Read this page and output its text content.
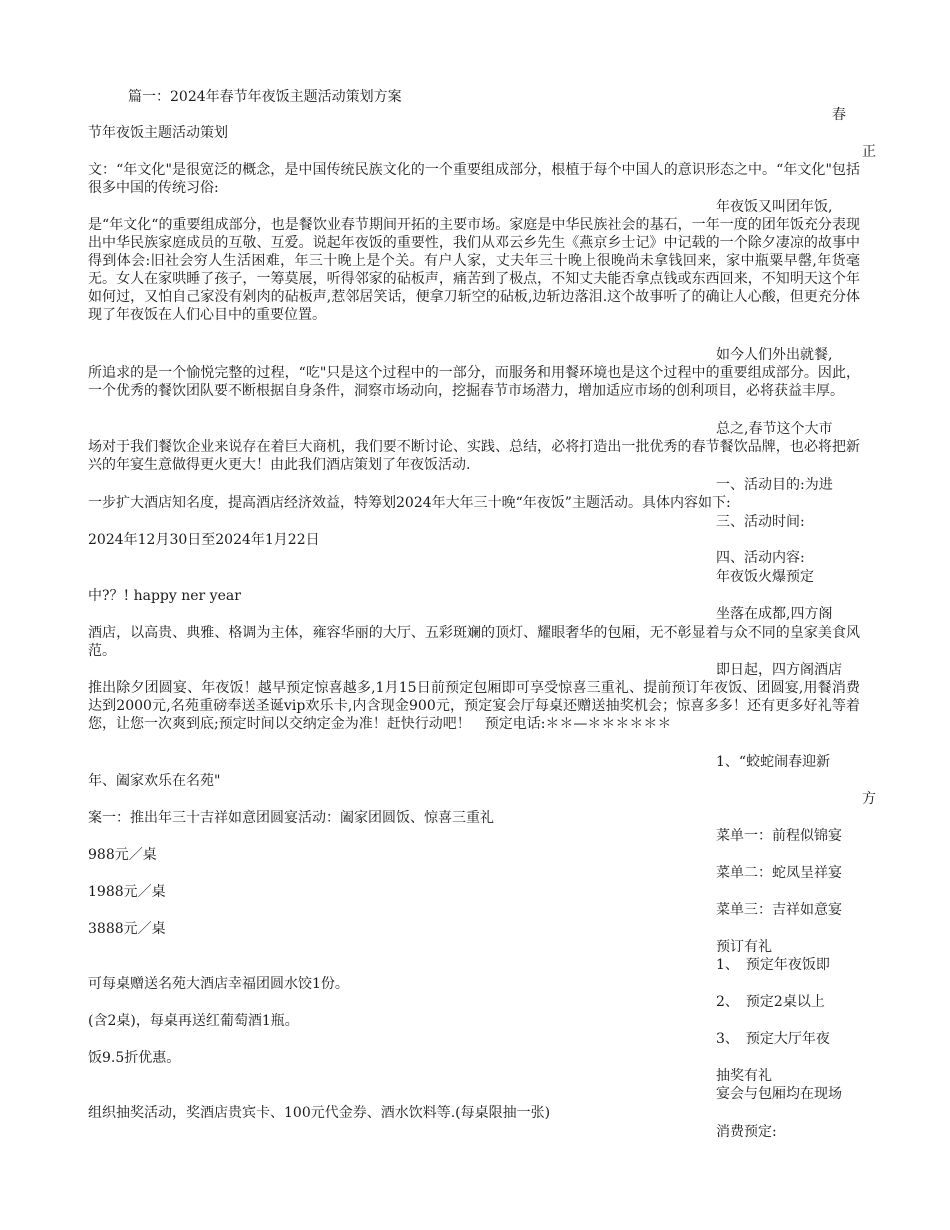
篇一：2024年春节年夜饭主题活动策划方案
春
节年夜饭主题活动策划
正
文：“年文化"是很宽泛的概念，是中国传统民族文化的一个重要组成部分，根植于每个中国人的意识形态之中。“年文化"包括很多中国的传统习俗:
年夜饭又叫团年饭,
是“年文化“的重要组成部分，也是餐饮业春节期间开拓的主要市场。家庭是中华民族社会的基石，一年一度的团年饭充分表现出中华民族家庭成员的互敬、互爱。说起年夜饭的重要性，我们从邓云乡先生《燕京乡士记》中记载的一个除夕凄凉的故事中得到体会:旧社会穷人生活困难，年三十晚上是个关。有户人家，丈夫年三十晚上很晚尚未拿钱回来，家中瓶粟早罄,年货毫无。女人在家哄睡了孩子，一筹莫展，听得邻家的砧板声，痛苦到了极点，不知丈夫能否拿点钱或东西回来，不知明天这个年如何过，又怕自己家没有剁肉的砧板声,惹邻居笑话，便拿刀斩空的砧板,边斩边落泪.这个故事听了的确让人心酸，但更充分体现了年夜饭在人们心目中的重要位置。
如今人们外出就餐,
所追求的是一个愉悦完整的过程，“吃"只是这个过程中的一部分，而服务和用餐环境也是这个过程中的重要组成部分。因此，一个优秀的餐饮团队要不断根据自身条件，洞察市场动向，挖掘春节市场潜力，增加适应市场的创利项目，必将获益丰厚。
总之,春节这个大市
场对于我们餐饮企业来说存在着巨大商机，我们要不断讨论、实践、总结，必将打造出一批优秀的春节餐饮品牌，也必将把新兴的年宴生意做得更火更大！由此我们酒店策划了年夜饭活动.
一、活动目的:为进
一步扩大酒店知名度，提高酒店经济效益，特筹划2024年大年三十晚“年夜饭”主题活动。具体内容如下:
三、活动时间:
2024年12月30日至2024年1月22日
四、活动内容:
年夜饭火爆预定
中?？! happy ner year
坐落在成都,四方阁
酒店，以高贵、典雅、格调为主体，雍容华丽的大厅、五彩斑斓的顶灯、耀眼奢华的包厢，无不彰显着与众不同的皇家美食风范。
即日起，四方阁酒店
推出除夕团圆宴、年夜饭！越早预定惊喜越多,1月15日前预定包厢即可享受惊喜三重礼、提前预订年夜饭、团圆宴,用餐消费达到2000元,名苑重磅奉送圣诞vip欢乐卡,内含现金900元，预定宴会厅每桌还赠送抽奖机会；惊喜多多！还有更多好礼等着您，让您一次爽到底;预定时间以交纳定金为准！赶快行动吧！　预定电话:＊＊—＊＊＊＊＊＊
1、“蛟蛇闹春迎新
年、阖家欢乐在名苑"
方
案一：推出年三十吉祥如意团圆宴活动：阖家团圆饭、惊喜三重礼
菜单一：前程似锦宴
988元／桌
菜单二：蛇凤呈祥宴
1988元／桌
菜单三：吉祥如意宴
3888元／桌
预订有礼
1、　预定年夜饭即
可每桌赠送名苑大酒店幸福团圆水饺1份。
2、　预定2桌以上
(含2桌)，每桌再送红葡萄酒1瓶。
3、　预定大厅年夜
饭9.5折优惠。
抽奖有礼
宴会与包厢均在现场
组织抽奖活动，奖酒店贵宾卡、100元代金券、酒水饮料等.(每桌限抽一张)
消费预定:
